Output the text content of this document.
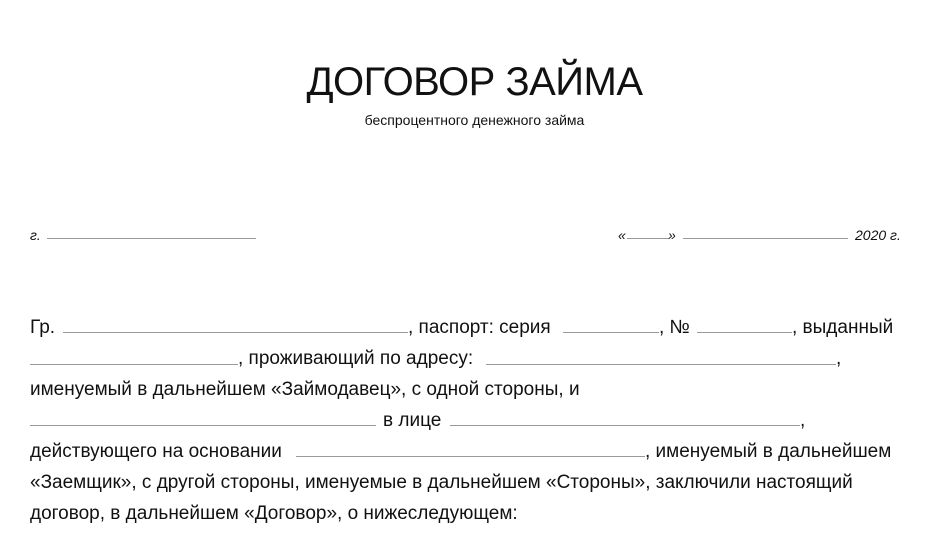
ДОГОВОР ЗАЙМА
беспроцентного денежного займа
г.	«	»	2020 г.
Гр.	, паспорт: серия	, №	, выданный
, проживающий по адресу:	,
именуемый в дальнейшем «Займодавец», с одной стороны, и
в лице	,
действующего на основании	, именуемый в дальнейшем
«Заемщик», с другой стороны, именуемые в дальнейшем «Стороны», заключили настоящий
договор, в дальнейшем «Договор», о нижеследующем:
